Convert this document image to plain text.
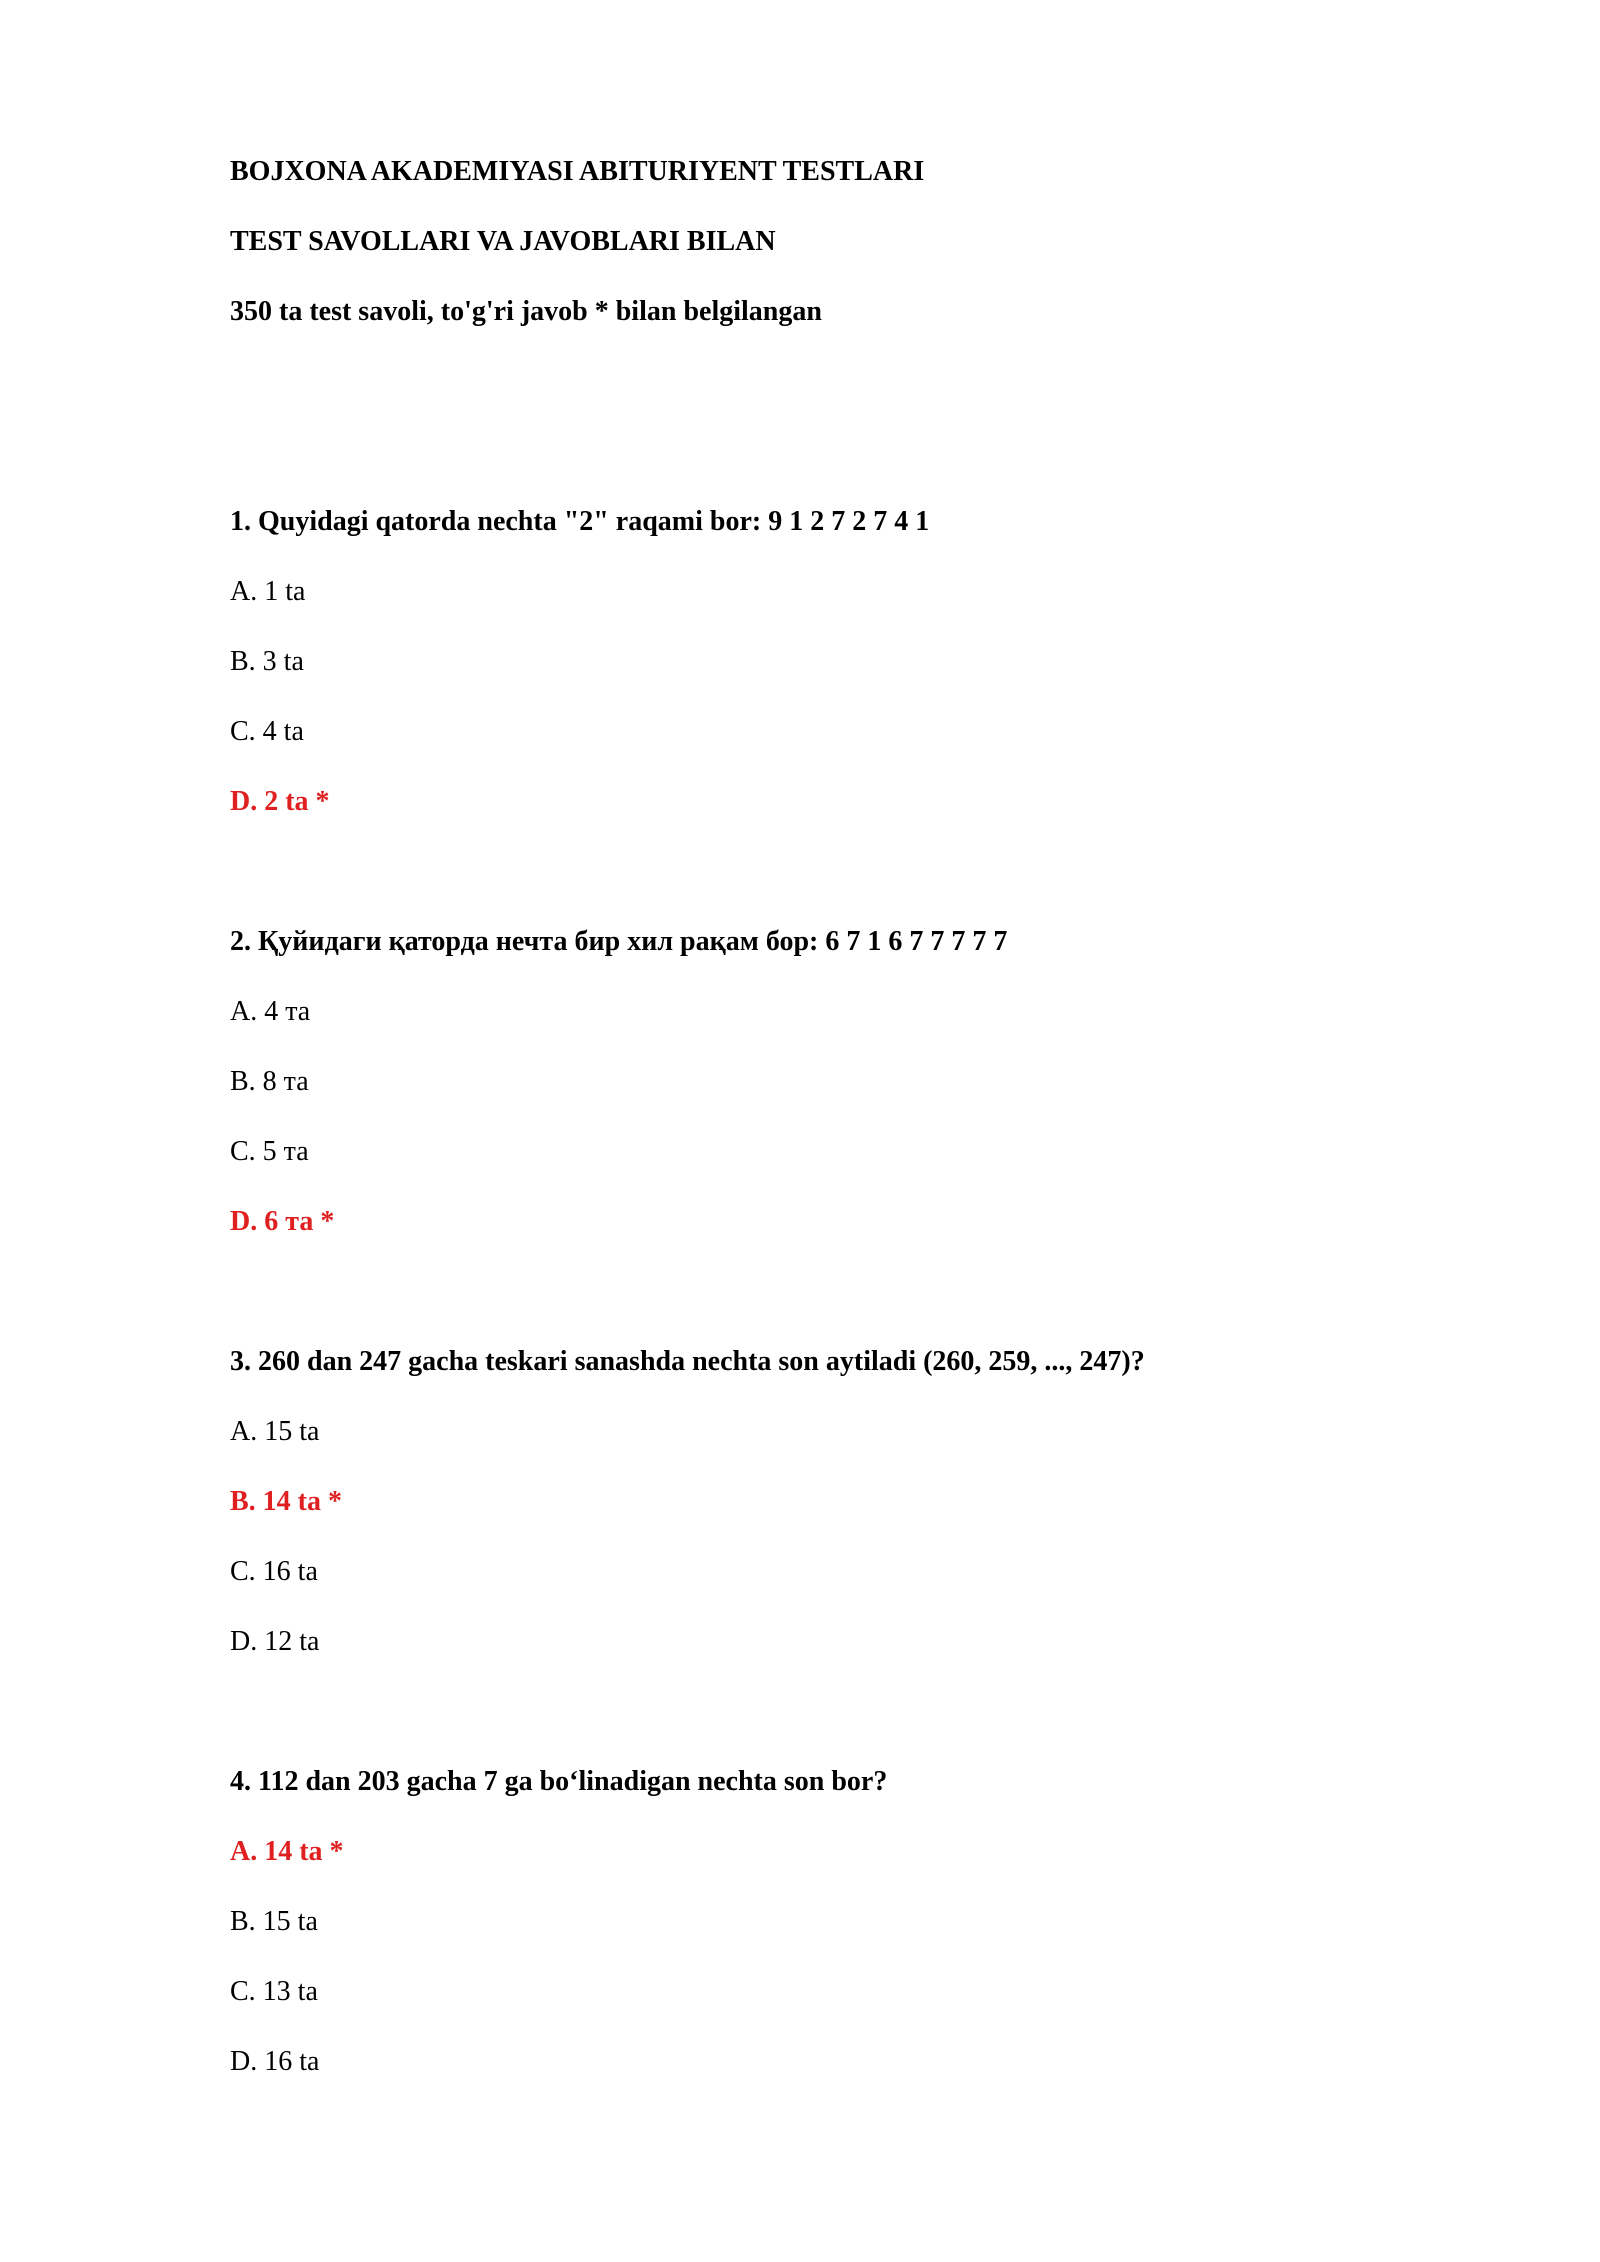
BOJXONA AKADEMIYASI ABITURIYENT TESTLARI

TEST SAVOLLARI VA JAVOBLARI BILAN

350 ta test savoli, to'g'ri javob * bilan belgilangan

1. Quyidagi qatorda nechta "2" raqami bor: 9 1 2 7 2 7 4 1

A. 1 ta

B. 3 ta

C. 4 ta

D. 2 ta *

2. Қуйидаги қаторда нечта бир хил рақам бор: 6 7 1 6 7 7 7 7 7

A. 4 та

B. 8 та

C. 5 та

D. 6 та *

3. 260 dan 247 gacha teskari sanashda nechta son aytiladi (260, 259, ..., 247)?

A. 15 ta

B. 14 ta *

C. 16 ta

D. 12 ta

4. 112 dan 203 gacha 7 ga boʻlinadigan nechta son bor?

A. 14 ta *

B. 15 ta

C. 13 ta

D. 16 ta
